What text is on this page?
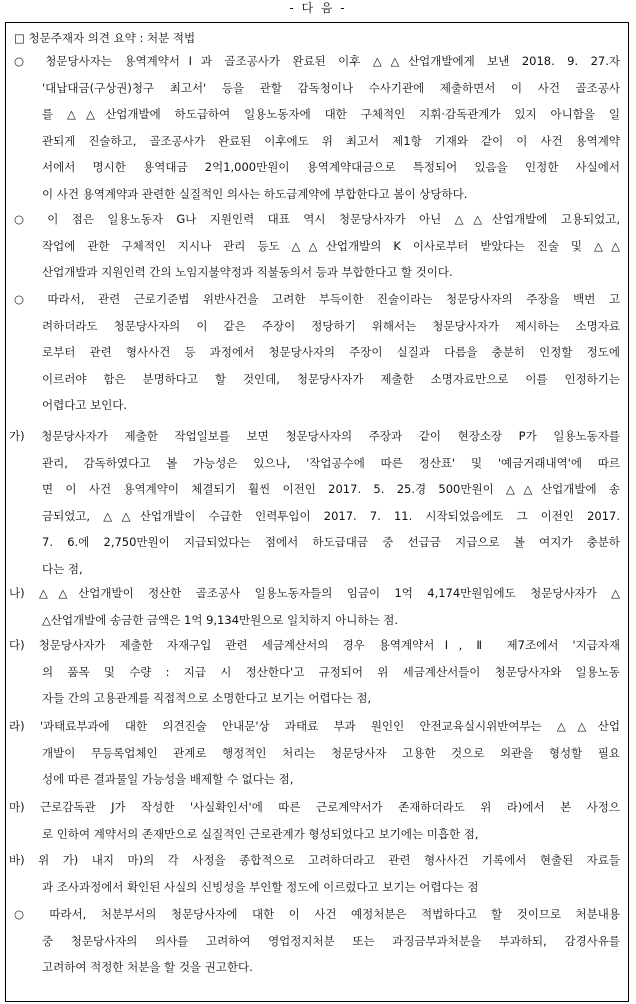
- 다 음 -
□ 청문주재자 의견 요약 : 처분 적법
○ 청문당사자는 용역계약서Ⅰ과 골조공사가 완료된 이후 △△산업개발에게 보낸 2018. 9. 27.자
'대납대금(구상권)청구 최고서' 등을 관할 감독청이나 수사기관에 제출하면서 이 사건 골조공사
를 △△산업개발에 하도급하여 일용노동자에 대한 구체적인 지휘·감독관계가 있지 아니함을 일
관되게 진술하고, 골조공사가 완료된 이후에도 위 최고서 제1항 기재와 같이 이 사건 용역계약
서에서 명시한 용역대금 2억1,000만원이 용역계약대금으로 특정되어 있음을 인정한 사실에서
이 사건 용역계약과 관련한 실질적인 의사는 하도급계약에 부합한다고 봄이 상당하다.
○ 이 점은 일용노동자 G나 지원인력 대표 역시 청문당사자가 아닌 △△산업개발에 고용되었고,
작업에 관한 구체적인 지시나 관리 등도 △△산업개발의 K 이사로부터 받았다는 진술 및 △△
산업개발과 지원인력 간의 노임지불약정과 직불동의서 등과 부합한다고 할 것이다.
○ 따라서, 관련 근로기준법 위반사건을 고려한 부득이한 진술이라는 청문당사자의 주장을 백번 고
려하더라도 청문당사자의 이 같은 주장이 정당하기 위해서는 청문당사자가 제시하는 소명자료
로부터 관련 형사사건 등 과정에서 청문당사자의 주장이 실질과 다름을 충분히 인정할 정도에
이르러야 함은 분명하다고 할 것인데, 청문당사자가 제출한 소명자료만으로 이를 인정하기는
어렵다고 보인다.
가) 청문당사자가 제출한 작업일보를 보면 청문당사자의 주장과 같이 현장소장 P가 일용노동자를
관리, 감독하였다고 볼 가능성은 있으나, '작업공수에 따른 정산표' 및 '예금거래내역'에 따르
면 이 사건 용역계약이 체결되기 훨씬 이전인 2017. 5. 25.경 500만원이 △△산업개발에 송
금되었고, △△산업개발이 수급한 인력투입이 2017. 7. 11. 시작되었음에도 그 이전인 2017.
7. 6.에 2,750만원이 지급되었다는 점에서 하도급대금 중 선급금 지급으로 볼 여지가 충분하
다는 점,
나) △△산업개발이 정산한 골조공사 일용노동자들의 임금이 1억 4,174만원임에도 청문당사자가 △
△산업개발에 송금한 금액은 1억 9,134만원으로 일치하지 아니하는 점.
다) 청문당사자가 제출한 자재구입 관련 세금계산서의 경우 용역계약서Ⅰ, Ⅱ 제7조에서 '지급자재
의 품목 및 수량 : 지급 시 정산한다'고 규정되어 위 세금계산서들이 청문당사자와 일용노동
자들 간의 고용관계를 직접적으로 소명한다고 보기는 어렵다는 점,
라) '과태료부과에 대한 의견진술 안내문'상 과태료 부과 원인인 안전교육실시위반여부는 △△산업
개발이 무등록업체인 관계로 행정적인 처리는 청문당사자 고용한 것으로 외관을 형성할 필요
성에 따른 결과물일 가능성을 배제할 수 없다는 점,
마) 근로감독관 J가 작성한 '사실확인서'에 따른 근로계약서가 존재하더라도 위 라)에서 본 사정으
로 인하여 계약서의 존재만으로 실질적인 근로관계가 형성되었다고 보기에는 미흡한 점,
바) 위 가) 내지 마)의 각 사정을 종합적으로 고려하더라고 관련 형사사건 기록에서 현출된 자료들
과 조사과정에서 확인된 사실의 신빙성을 부인할 정도에 이르렀다고 보기는 어렵다는 점
○ 따라서, 처분부서의 청문당사자에 대한 이 사건 예정처분은 적법하다고 할 것이므로 처분내용
중 청문당사자의 의사를 고려하여 영업정지처분 또는 과징금부과처분을 부과하되, 감경사유를
고려하여 적정한 처분을 할 것을 권고한다.
